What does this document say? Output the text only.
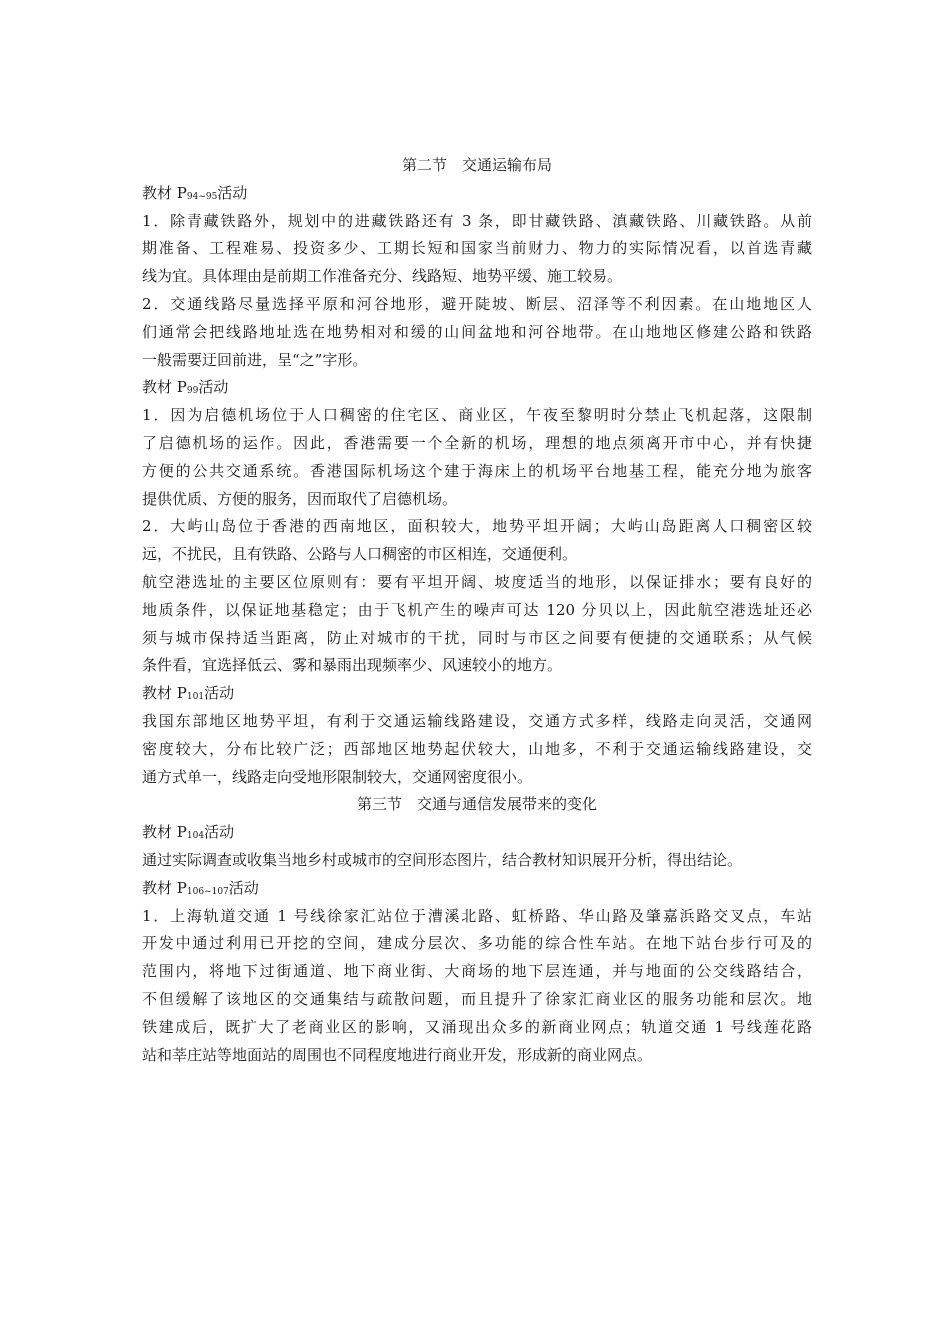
第二节　交通运输布局
教材 $P_{94\sim 95}$活动
1．除青藏铁路外，规划中的进藏铁路还有 3 条，即甘藏铁路、滇藏铁路、川藏铁路。从前
期准备、工程难易、投资多少、工期长短和国家当前财力、物力的实际情况看，以首选青藏
线为宜。具体理由是前期工作准备充分、线路短、地势平缓、施工较易。
2．交通线路尽量选择平原和河谷地形，避开陡坡、断层、沼泽等不利因素。在山地地区人
们通常会把线路地址选在地势相对和缓的山间盆地和河谷地带。在山地地区修建公路和铁路
一般需要迂回前进，呈“之”字形。
教材 $P_{99}$活动
1．因为启德机场位于人口稠密的住宅区、商业区，午夜至黎明时分禁止飞机起落，这限制
了启德机场的运作。因此，香港需要一个全新的机场，理想的地点须离开市中心，并有快捷
方便的公共交通系统。香港国际机场这个建于海床上的机场平台地基工程，能充分地为旅客
提供优质、方便的服务，因而取代了启德机场。
2．大屿山岛位于香港的西南地区，面积较大，地势平坦开阔；大屿山岛距离人口稠密区较
远，不扰民，且有铁路、公路与人口稠密的市区相连，交通便利。
航空港选址的主要区位原则有：要有平坦开阔、坡度适当的地形，以保证排水；要有良好的
地质条件，以保证地基稳定；由于飞机产生的噪声可达 120 分贝以上，因此航空港选址还必
须与城市保持适当距离，防止对城市的干扰，同时与市区之间要有便捷的交通联系；从气候
条件看，宜选择低云、雾和暴雨出现频率少、风速较小的地方。
教材 $P_{101}$活动
我国东部地区地势平坦，有利于交通运输线路建设，交通方式多样，线路走向灵活，交通网
密度较大，分布比较广泛；西部地区地势起伏较大，山地多，不利于交通运输线路建设，交
通方式单一，线路走向受地形限制较大，交通网密度很小。
第三节　交通与通信发展带来的变化
教材 $P_{104}$活动
通过实际调查或收集当地乡村或城市的空间形态图片，结合教材知识展开分析，得出结论。
教材 $P_{106\sim 107}$活动
1．上海轨道交通 1 号线徐家汇站位于漕溪北路、虹桥路、华山路及肇嘉浜路交叉点，车站
开发中通过利用已开挖的空间，建成分层次、多功能的综合性车站。在地下站台步行可及的
范围内，将地下过街通道、地下商业街、大商场的地下层连通，并与地面的公交线路结合，
不但缓解了该地区的交通集结与疏散问题，而且提升了徐家汇商业区的服务功能和层次。地
铁建成后，既扩大了老商业区的影响，又涌现出众多的新商业网点；轨道交通 1 号线莲花路
站和莘庄站等地面站的周围也不同程度地进行商业开发，形成新的商业网点。
